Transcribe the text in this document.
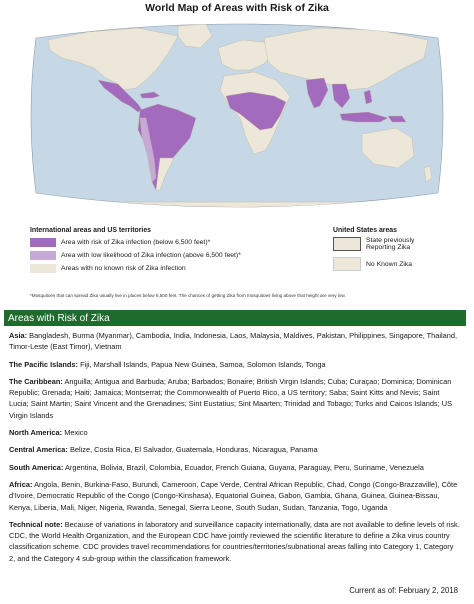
World Map of Areas with Risk of Zika
International areas and US territories
Area with risk of Zika infection (below 6,500 feet)*
Area with low likelihood of Zika infection (above 6,500 feet)*
Areas with no known risk of Zika infection
United States areas
State previously Reporting Zika
No Known Zika
*Mosquitoes that can spread Zika usually live in places below 6,500 feet. The chances of getting Zika from mosquitoes living above that height are very low.
Areas with Risk of Zika
Asia: Bangladesh, Burma (Myanmar), Cambodia, India, Indonesia, Laos, Malaysia, Maldives, Pakistan, Philippines, Singapore, Thailand, Timor-Leste (East Timor), Vietnam
The Pacific Islands: Fiji, Marshall Islands, Papua New Guinea, Samoa, Solomon Islands, Tonga
The Caribbean: Anguilla; Antigua and Barbuda; Aruba; Barbados; Bonaire; British Virgin Islands; Cuba; Curaçao; Dominica; Dominican Republic; Grenada; Haiti; Jamaica; Montserrat; the Commonwealth of Puerto Rico, a US territory; Saba; Saint Kitts and Nevis; Saint Lucia; Saint Martin; Saint Vincent and the Grenadines; Sint Eustatius; Sint Maarten; Trinidad and Tobago; Turks and Caicos Islands; US Virgin Islands
North America: Mexico
Central America: Belize, Costa Rica, El Salvador, Guatemala, Honduras, Nicaragua, Panama
South America: Argentina, Bolivia, Brazil, Colombia, Ecuador, French Guiana, Guyana, Paraguay, Peru, Suriname, Venezuela
Africa: Angola, Benin, Burkina-Faso, Burundi, Cameroon, Cape Verde, Central African Republic, Chad, Congo (Congo-Brazzaville), Côte d’Ivoire, Democratic Republic of the Congo (Congo-Kinshasa), Equatorial Guinea, Gabon, Gambia, Ghana, Guinea, Guinea-Bissau, Kenya, Liberia, Mali, Niger, Nigeria, Rwanda, Senegal, Sierra Leone, South Sudan, Sudan, Tanzania, Togo, Uganda
Technical note: Because of variations in laboratory and surveillance capacity internationally, data are not available to define levels of risk. CDC, the World Health Organization, and the European CDC have jointly reviewed the scientific literature to define a Zika virus country classification scheme. CDC provides travel recommendations for countries/territories/subnational areas falling into Category 1, Category 2, and the Category 4 sub-group within the classification framework.
Current as of: February 2, 2018
